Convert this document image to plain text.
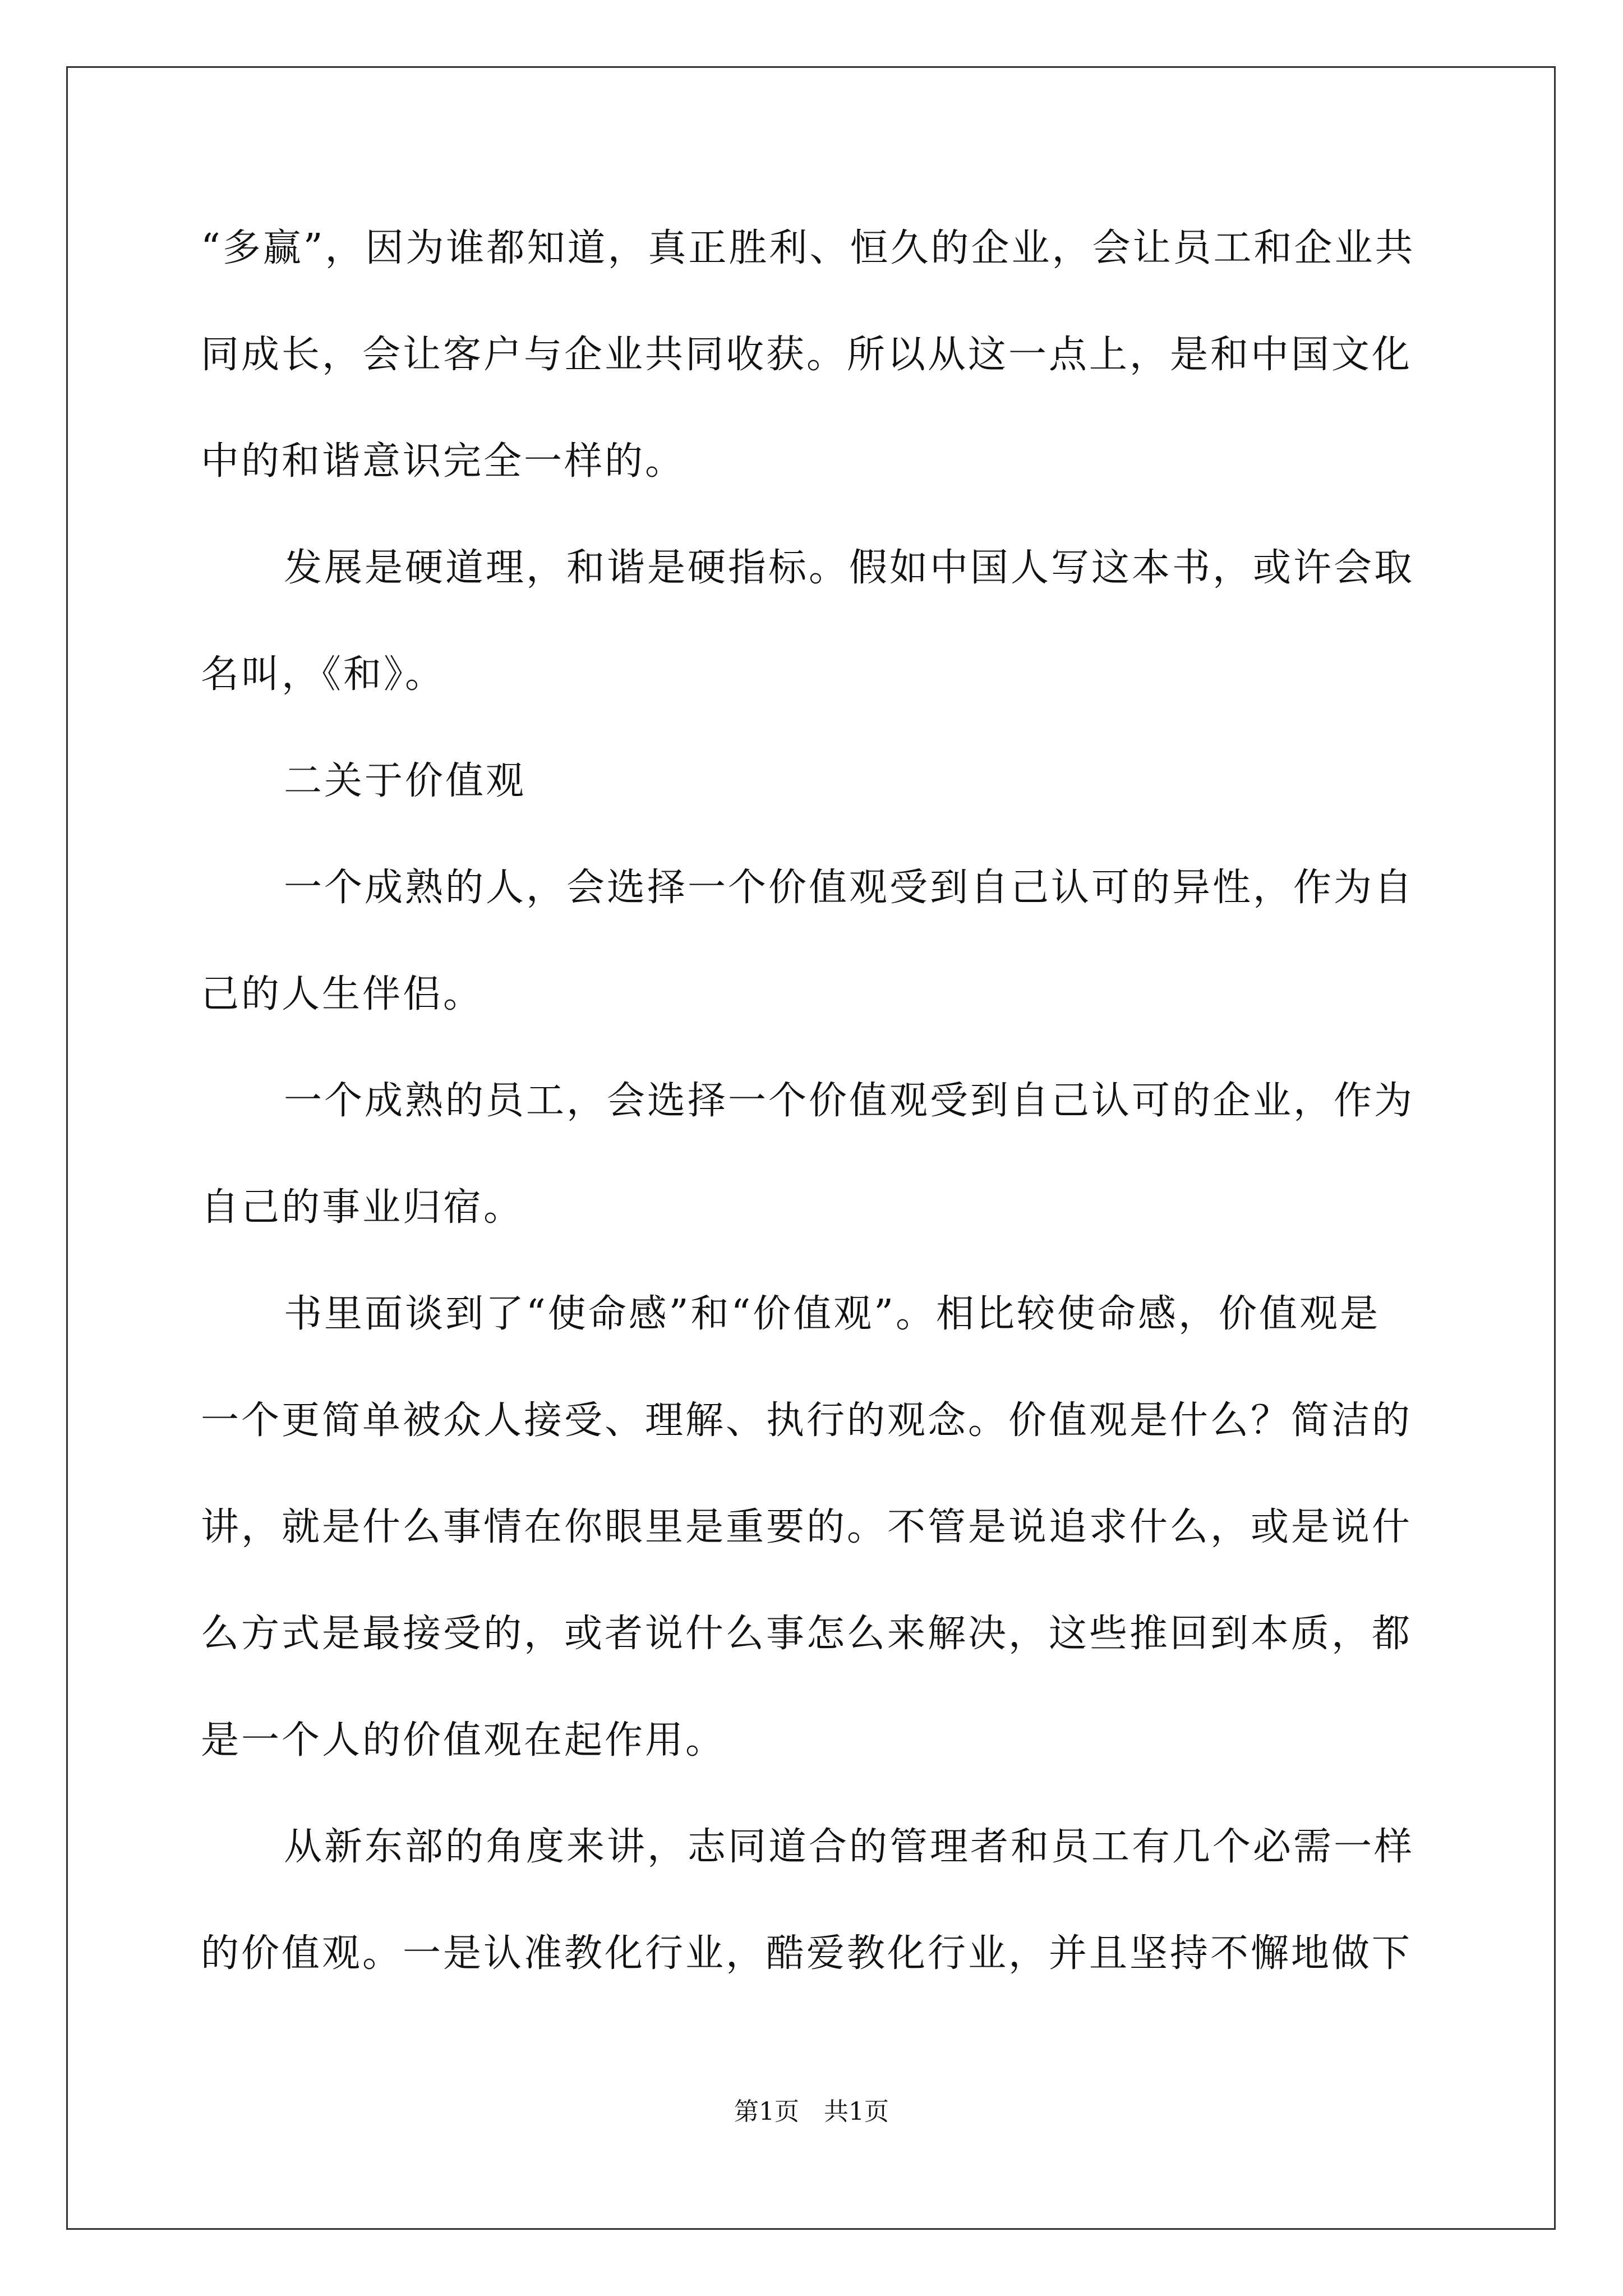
“多赢”，因为谁都知道，真正胜利、恒久的企业，会让员工和企业共
同成长，会让客户与企业共同收获。所以从这一点上，是和中国文化
中的和谐意识完全一样的。
发展是硬道理，和谐是硬指标。假如中国人写这本书，或许会取
名叫，《和》。
二关于价值观
一个成熟的人，会选择一个价值观受到自己认可的异性，作为自
己的人生伴侣。
一个成熟的员工，会选择一个价值观受到自己认可的企业，作为
自己的事业归宿。
书里面谈到了“使命感”和“价值观”。相比较使命感，价值观是
一个更简单被众人接受、理解、执行的观念。价值观是什么？简洁的
讲，就是什么事情在你眼里是重要的。不管是说追求什么，或是说什
么方式是最接受的，或者说什么事怎么来解决，这些推回到本质，都
是一个人的价值观在起作用。
从新东部的角度来讲，志同道合的管理者和员工有几个必需一样
的价值观。一是认准教化行业，酷爱教化行业，并且坚持不懈地做下
第1页　共1页
